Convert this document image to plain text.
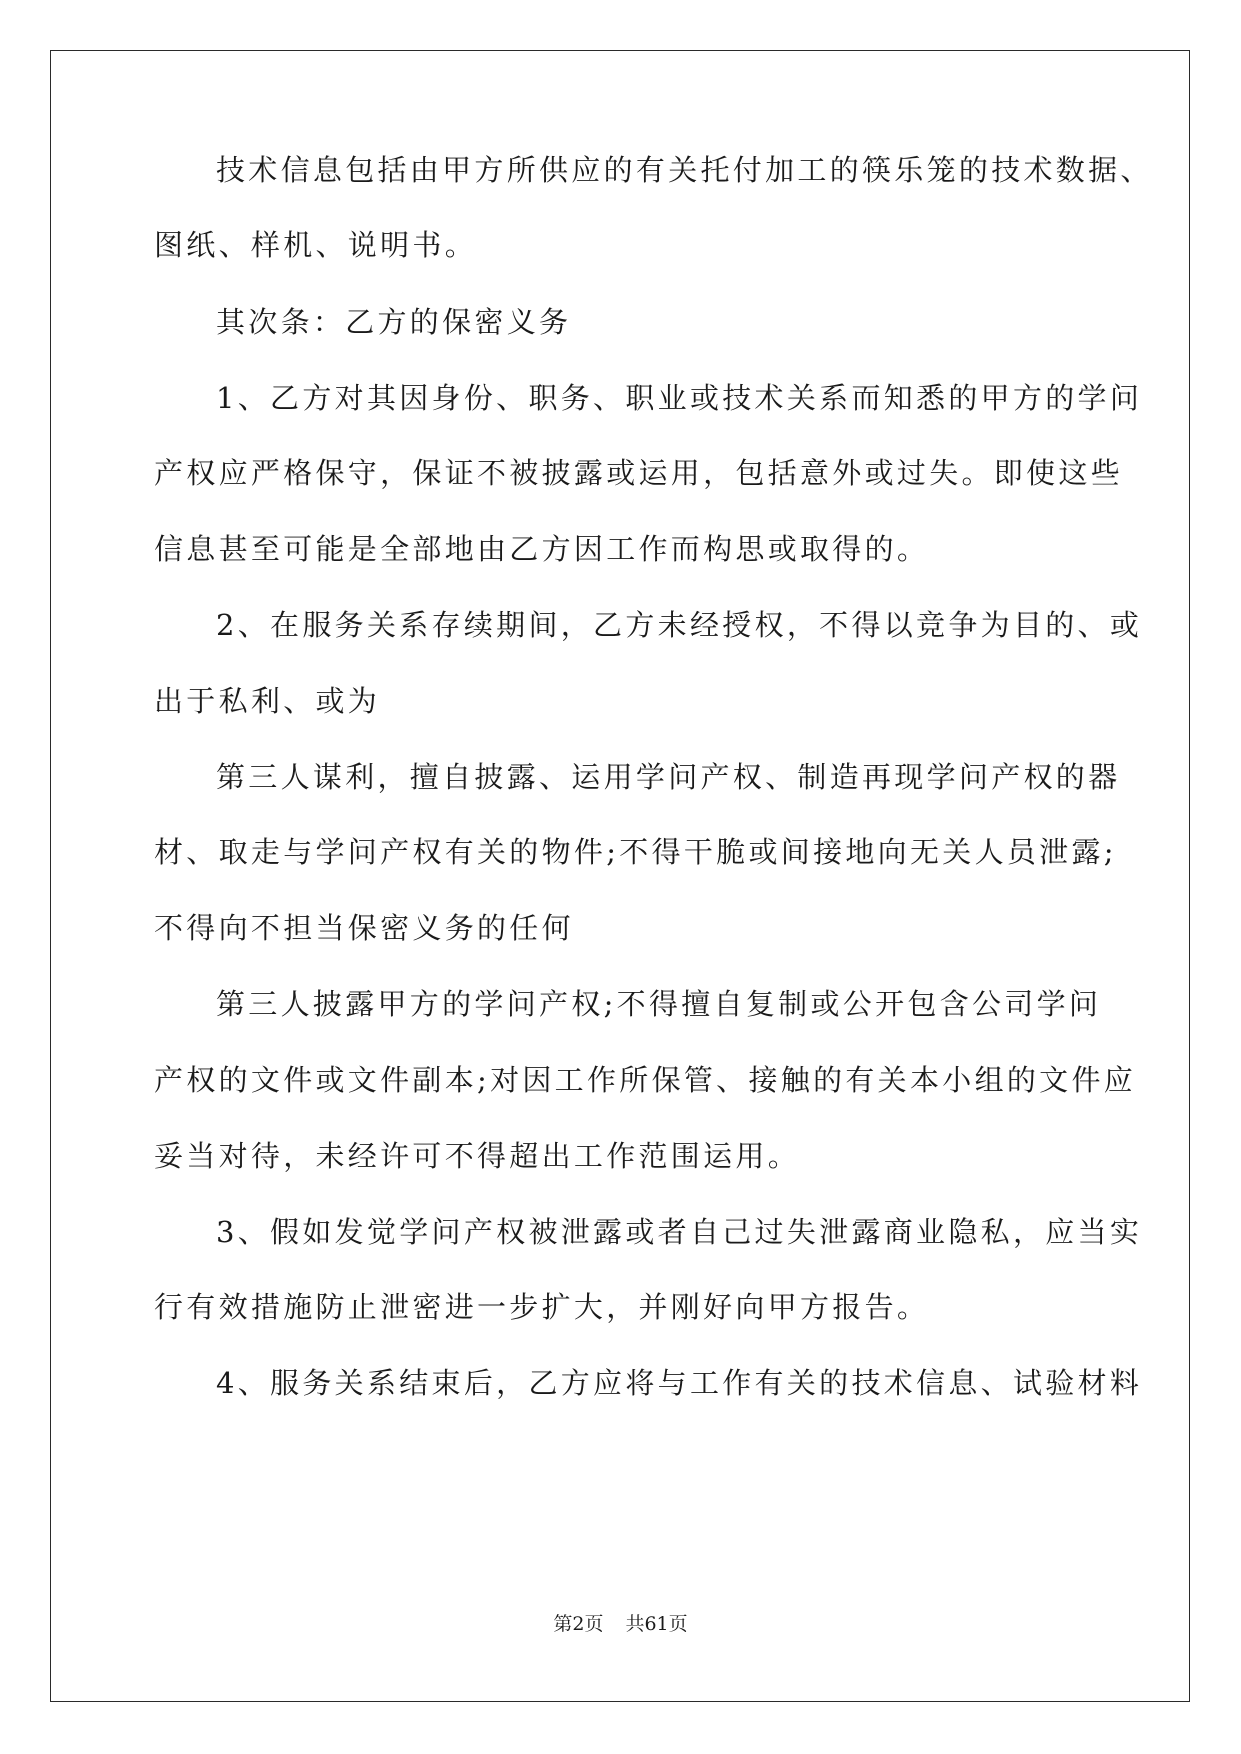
技术信息包括由甲方所供应的有关托付加工的筷乐笼的技术数据、
图纸、样机、说明书。
其次条：乙方的保密义务
1、乙方对其因身份、职务、职业或技术关系而知悉的甲方的学问
产权应严格保守，保证不被披露或运用，包括意外或过失。即使这些
信息甚至可能是全部地由乙方因工作而构思或取得的。
2、在服务关系存续期间，乙方未经授权，不得以竞争为目的、或
出于私利、或为
第三人谋利，擅自披露、运用学问产权、制造再现学问产权的器
材、取走与学问产权有关的物件;不得干脆或间接地向无关人员泄露;
不得向不担当保密义务的任何
第三人披露甲方的学问产权;不得擅自复制或公开包含公司学问
产权的文件或文件副本;对因工作所保管、接触的有关本小组的文件应
妥当对待，未经许可不得超出工作范围运用。
3、假如发觉学问产权被泄露或者自己过失泄露商业隐私，应当实
行有效措施防止泄密进一步扩大，并刚好向甲方报告。
4、服务关系结束后，乙方应将与工作有关的技术信息、试验材料
第2页 共61页
